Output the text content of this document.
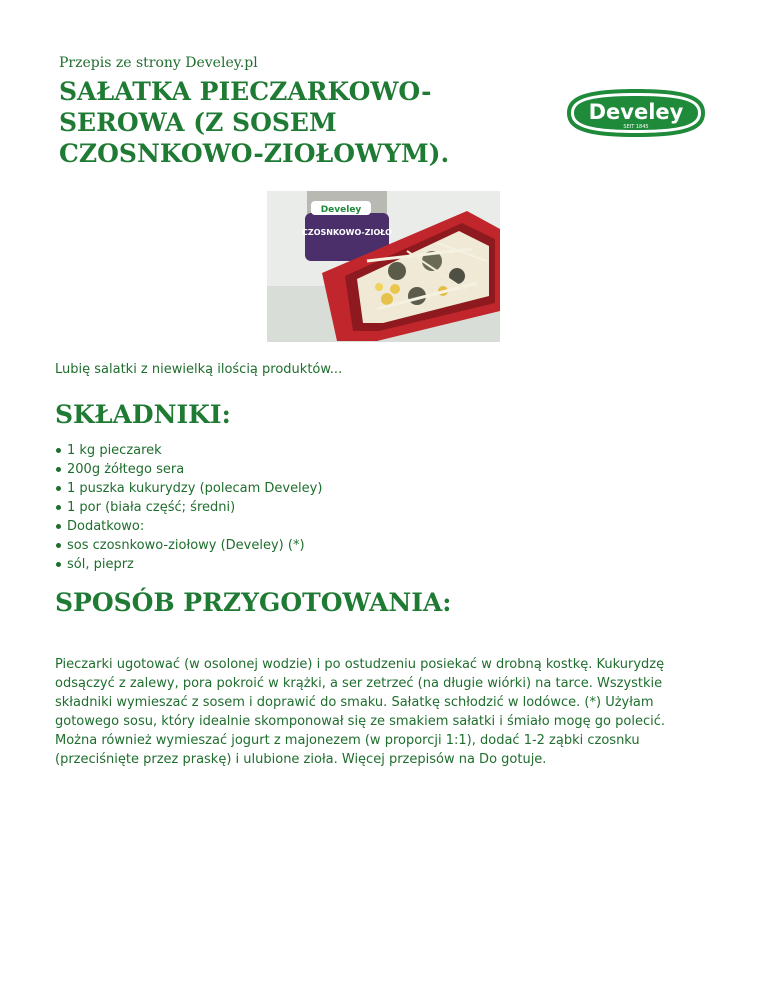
Przepis ze strony Develey.pl
SAŁATKA PIECZARKOWO-SEROWA (Z SOSEM CZOSNKOWO-ZIOŁOWYM).
Develey
SEIT 1845
Develey
CZOSNKOWO-ZIOŁO
Lubię salatki z niewielką ilością produktów...
SKŁADNIKI:
1 kg pieczarek
200g żółtego sera
1 puszka kukurydzy (polecam Develey)
1 por (biała część; średni)
Dodatkowo:
sos czosnkowo-ziołowy (Develey) (*)
sól, pieprz
SPOSÓB PRZYGOTOWANIA:

Pieczarki ugotować (w osolonej wodzie) i po ostudzeniu posiekać w drobną kostkę. Kukurydzę odsączyć z zalewy, pora pokroić w krążki, a ser zetrzeć (na długie wiórki) na tarce. Wszystkie składniki wymieszać z sosem i doprawić do smaku. Sałatkę schłodzić w lodówce. (*) Użyłam gotowego sosu, który idealnie skomponował się ze smakiem sałatki i śmiało mogę go polecić. Można również wymieszać jogurt z majonezem (w proporcji 1:1), dodać 1-2 ząbki czosnku (przeciśnięte przez praskę) i ulubione zioła. Więcej przepisów na Do gotuje.
